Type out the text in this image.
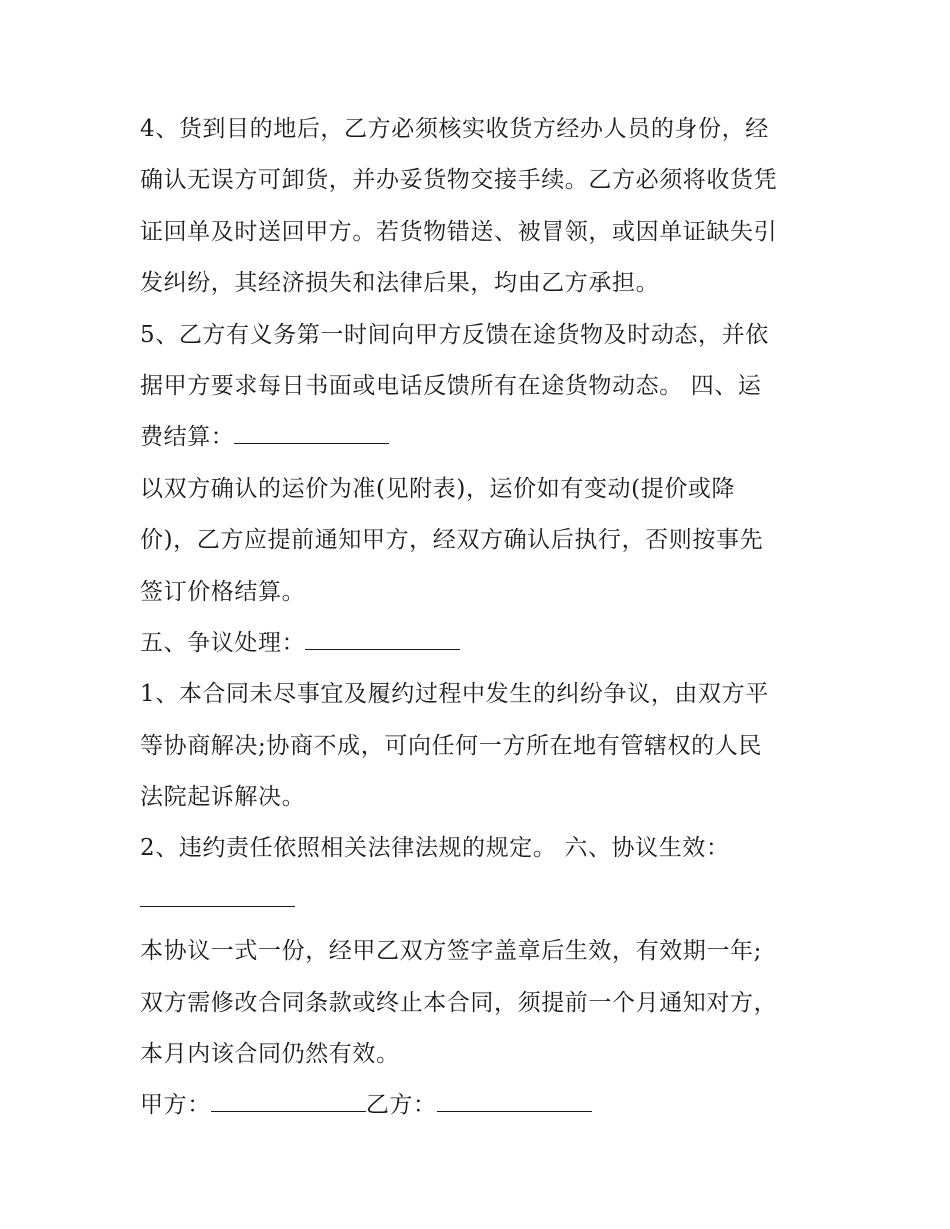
4、货到目的地后，乙方必须核实收货方经办人员的身份，经
确认无误方可卸货，并办妥货物交接手续。乙方必须将收货凭
证回单及时送回甲方。若货物错送、被冒领，或因单证缺失引
发纠纷，其经济损失和法律后果，均由乙方承担。
5、乙方有义务第一时间向甲方反馈在途货物及时动态，并依
据甲方要求每日书面或电话反馈所有在途货物动态。 四、运
费结算：
以双方确认的运价为准(见附表)，运价如有变动(提价或降
价)，乙方应提前通知甲方，经双方确认后执行，否则按事先
签订价格结算。
五、争议处理：
1、本合同未尽事宜及履约过程中发生的纠纷争议，由双方平
等协商解决;协商不成，可向任何一方所在地有管辖权的人民
法院起诉解决。
2、违约责任依照相关法律法规的规定。 六、协议生效：
本协议一式一份，经甲乙双方签字盖章后生效，有效期一年;
双方需修改合同条款或终止本合同，须提前一个月通知对方，
本月内该合同仍然有效。
甲方：	乙方：
